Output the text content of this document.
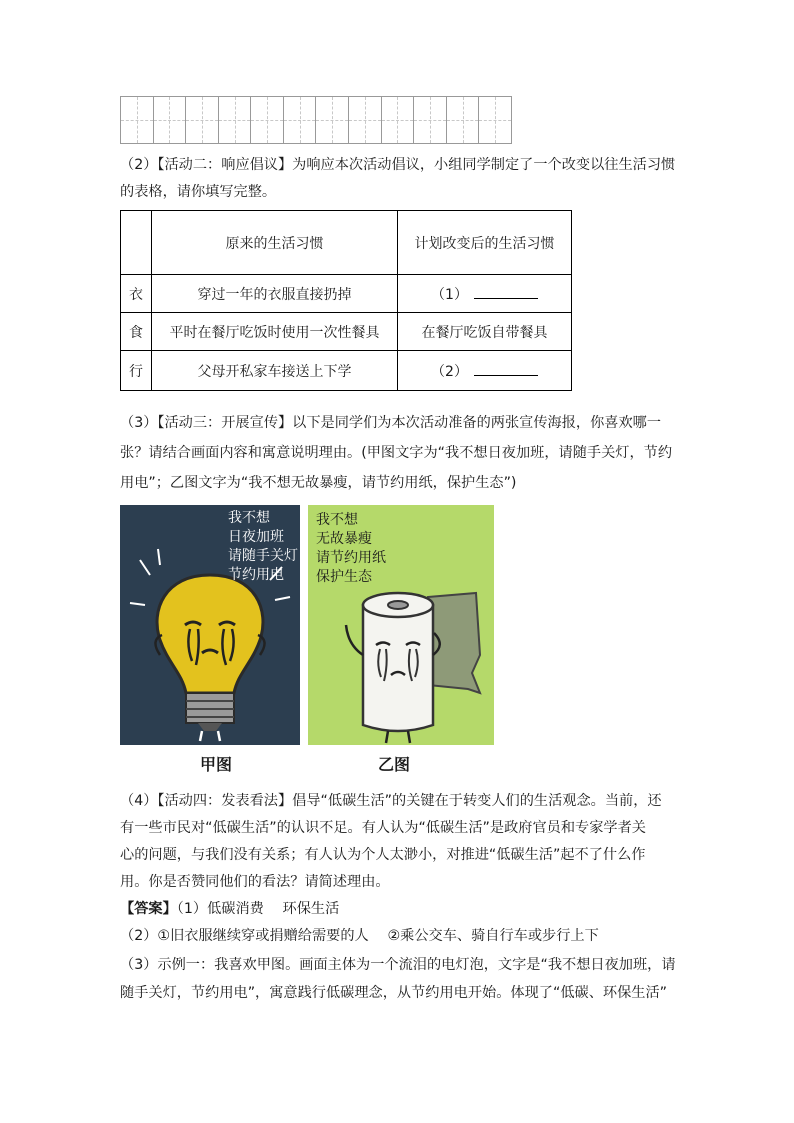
（2）【活动二：响应倡议】为响应本次活动倡议，小组同学制定了一个改变以往生活习惯
的表格，请你填写完整。
	原来的生活习惯	计划改变后的生活习惯
衣	穿过一年的衣服直接扔掉	（1）
食	平时在餐厅吃饭时使用一次性餐具	在餐厅吃饭自带餐具
行	父母开私家车接送上下学	（2）
（3）【活动三：开展宣传】以下是同学们为本次活动准备的两张宣传海报，你喜欢哪一
张？请结合画面内容和寓意说明理由。(甲图文字为“我不想日夜加班，请随手关灯，节约
用电”；乙图文字为“我不想无故暴瘦，请节约用纸，保护生态”)
我不想
日夜加班
请随手关灯
节约用电
我不想
无故暴瘦
请节约用纸
保护生态
甲图	乙图
（4）【活动四：发表看法】倡导“低碳生活”的关键在于转变人们的生活观念。当前，还
有一些市民对“低碳生活”的认识不足。有人认为“低碳生活”是政府官员和专家学者关
心的问题，与我们没有关系；有人认为个人太渺小，对推进“低碳生活”起不了什么作
用。你是否赞同他们的看法？请简述理由。
【答案】（1）低碳消费　 环保生活
（2）①旧衣服继续穿或捐赠给需要的人　 ②乘公交车、骑自行车或步行上下
（3）示例一：我喜欢甲图。画面主体为一个流泪的电灯泡，文字是“我不想日夜加班，请
随手关灯，节约用电”，寓意践行低碳理念，从节约用电开始。体现了“低碳、环保生活”
